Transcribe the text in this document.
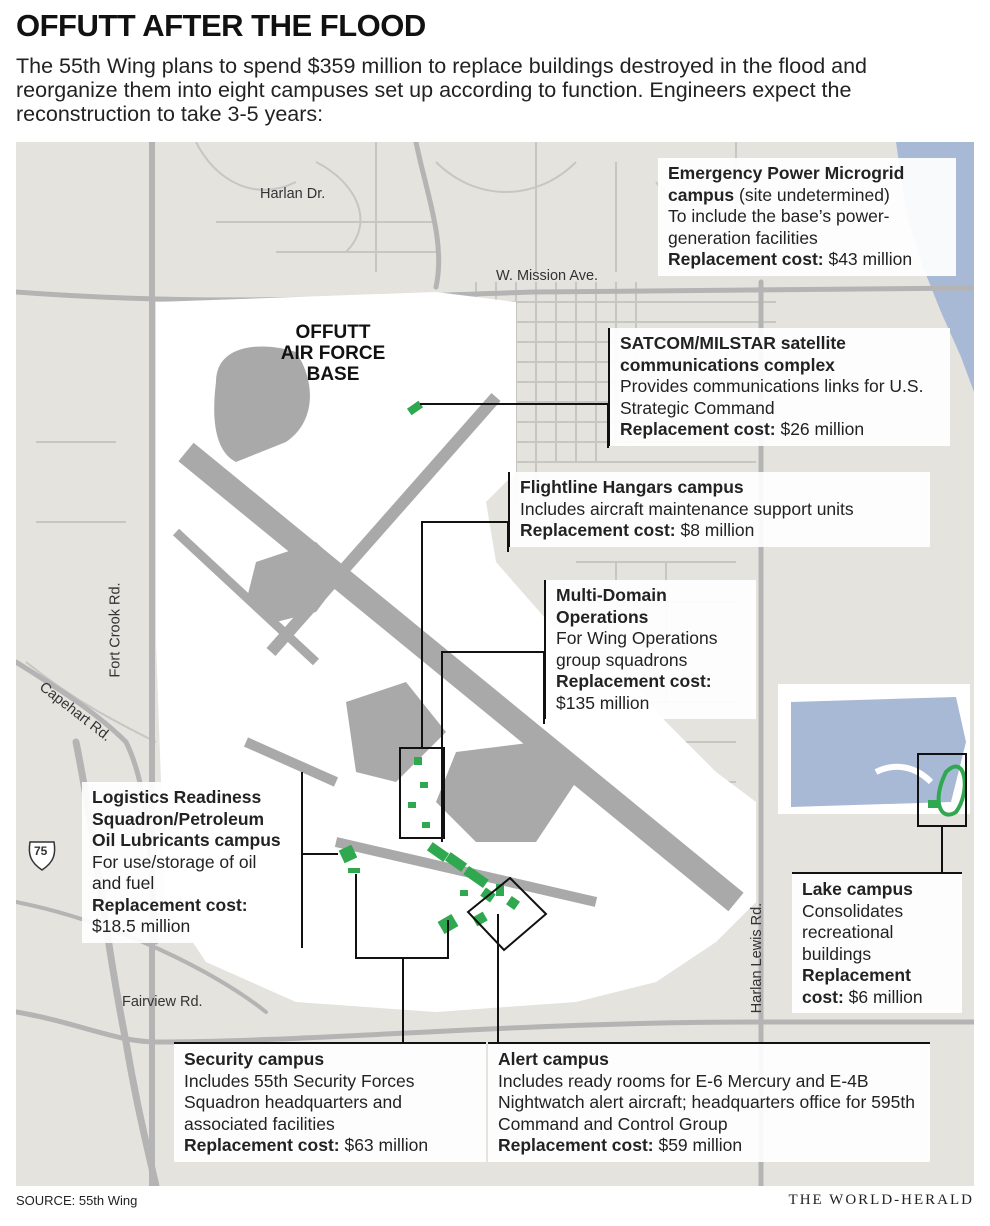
OFFUTT AFTER THE FLOOD

The 55th Wing plans to spend $359 million to replace buildings destroyed in the flood and reorganize them into eight campuses set up according to function. Engineers expect the reconstruction to take 3-5 years:

Harlan Dr.
W. Mission Ave.
Fort Crook Rd.
Capehart Rd.
Fairview Rd.	Harlan Lewis Rd.
75
OFFUTT AIR FORCE BASE
Emergency Power Microgrid campus (site undetermined)
To include the base’s power-generation facilities
Replacement cost: $43 million
SATCOM/MILSTAR satellite communications complex
Provides communications links for U.S. Strategic Command
Replacement cost: $26 million
Flightline Hangars campus
Includes aircraft maintenance support units
Replacement cost: $8 million
Multi-Domain Operations
For Wing Operations group squadrons
Replacement cost:
$135 million
Logistics Readiness Squadron/Petroleum Oil Lubricants campus
For use/storage of oil and fuel
Replacement cost:
$18.5 million
Lake campus
Consolidates recreational buildings
Replacement cost: $6 million
Security campus
Includes 55th Security Forces Squadron headquarters and associated facilities
Replacement cost: $63 million
Alert campus
Includes ready rooms for E-6 Mercury and E-4B Nightwatch alert aircraft; headquarters office for 595th Command and Control Group
Replacement cost: $59 million
SOURCE: 55th Wing	THE WORLD-HERALD
